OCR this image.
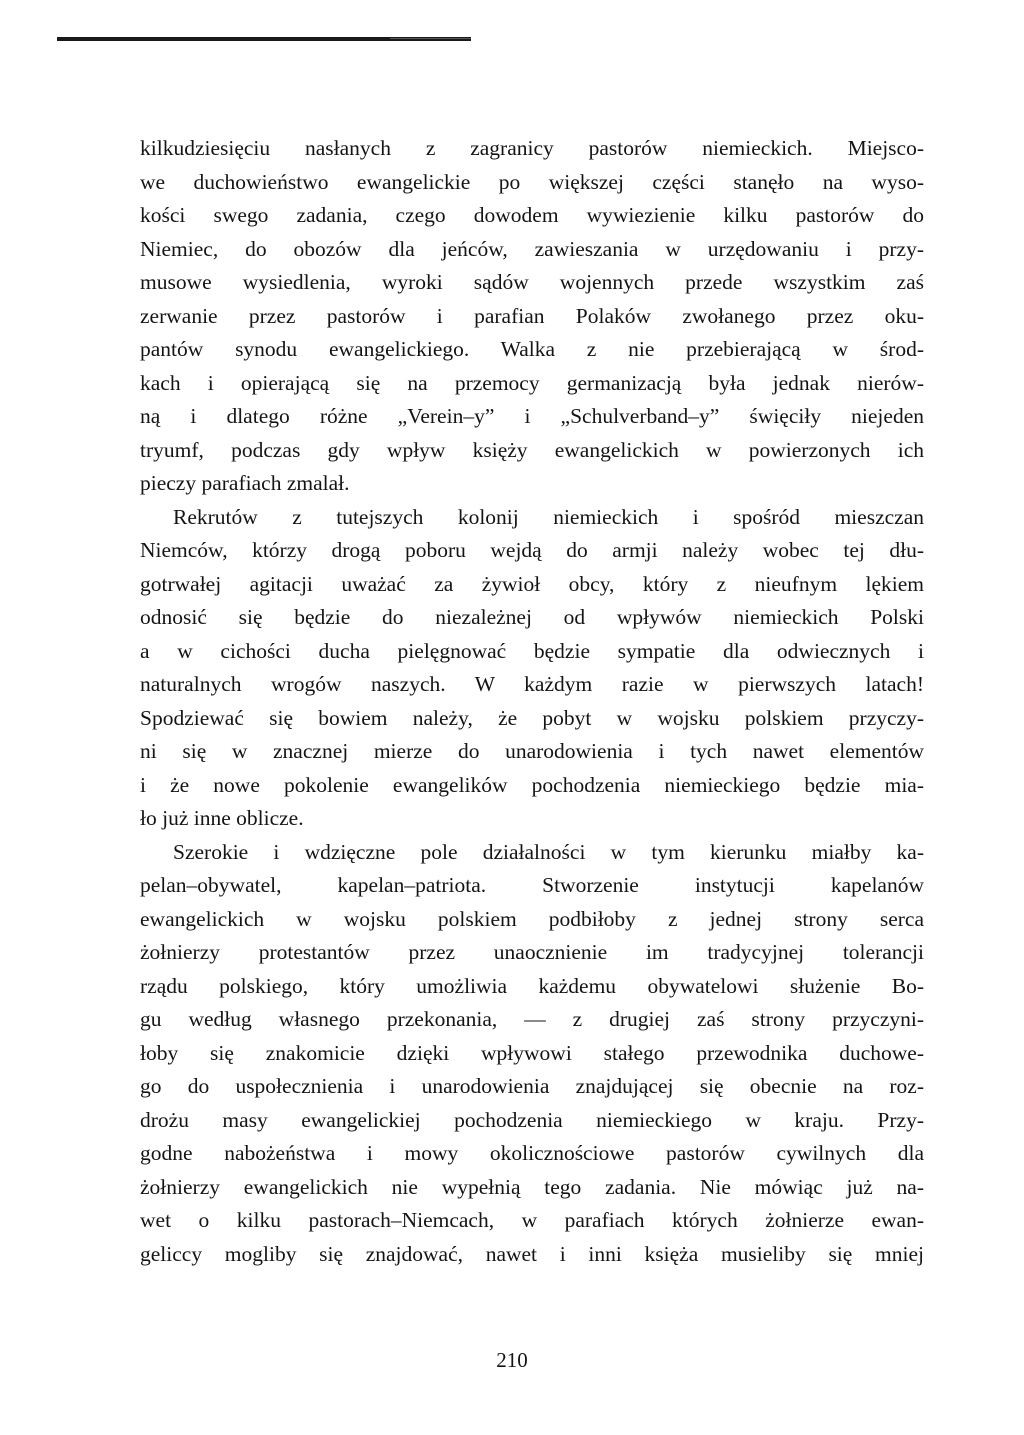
kilkudziesięciu nasłanych z zagranicy pastorów niemieckich. Miejsco-
we duchowieństwo ewangelickie po większej części stanęło na wyso-
kości swego zadania, czego dowodem wywiezienie kilku pastorów do
Niemiec, do obozów dla jeńców, zawieszania w urzędowaniu i przy-
musowe wysiedlenia, wyroki sądów wojennych przede wszystkim zaś
zerwanie przez pastorów i parafian Polaków zwołanego przez oku-
pantów synodu ewangelickiego. Walka z nie przebierającą w środ-
kach i opierającą się na przemocy germanizacją była jednak nierów-
ną i dlatego różne „Verein–y” i „Schulverband–y” święciły niejeden
tryumf, podczas gdy wpływ księży ewangelickich w powierzonych ich
pieczy parafiach zmalał.
Rekrutów z tutejszych kolonij niemieckich i spośród mieszczan
Niemców, którzy drogą poboru wejdą do armji należy wobec tej dłu-
gotrwałej agitacji uważać za żywioł obcy, który z nieufnym lękiem
odnosić się będzie do niezależnej od wpływów niemieckich Polski
a w cichości ducha pielęgnować będzie sympatie dla odwiecznych i
naturalnych wrogów naszych. W każdym razie w pierwszych latach!
Spodziewać się bowiem należy, że pobyt w wojsku polskiem przyczy-
ni się w znacznej mierze do unarodowienia i tych nawet elementów
i że nowe pokolenie ewangelików pochodzenia niemieckiego będzie mia-
ło już inne oblicze.
Szerokie i wdzięczne pole działalności w tym kierunku miałby ka-
pelan–obywatel, kapelan–patriota. Stworzenie instytucji kapelanów
ewangelickich w wojsku polskiem podbiłoby z jednej strony serca
żołnierzy protestantów przez unaocznienie im tradycyjnej tolerancji
rządu polskiego, który umożliwia każdemu obywatelowi służenie Bo-
gu według własnego przekonania, — z drugiej zaś strony przyczyni-
łoby się znakomicie dzięki wpływowi stałego przewodnika duchowe-
go do uspołecznienia i unarodowienia znajdującej się obecnie na roz-
drożu masy ewangelickiej pochodzenia niemieckiego w kraju. Przy-
godne nabożeństwa i mowy okolicznościowe pastorów cywilnych dla
żołnierzy ewangelickich nie wypełnią tego zadania. Nie mówiąc już na-
wet o kilku pastorach–Niemcach, w parafiach których żołnierze ewan-
geliccy mogliby się znajdować, nawet i inni księża musieliby się mniej
210
